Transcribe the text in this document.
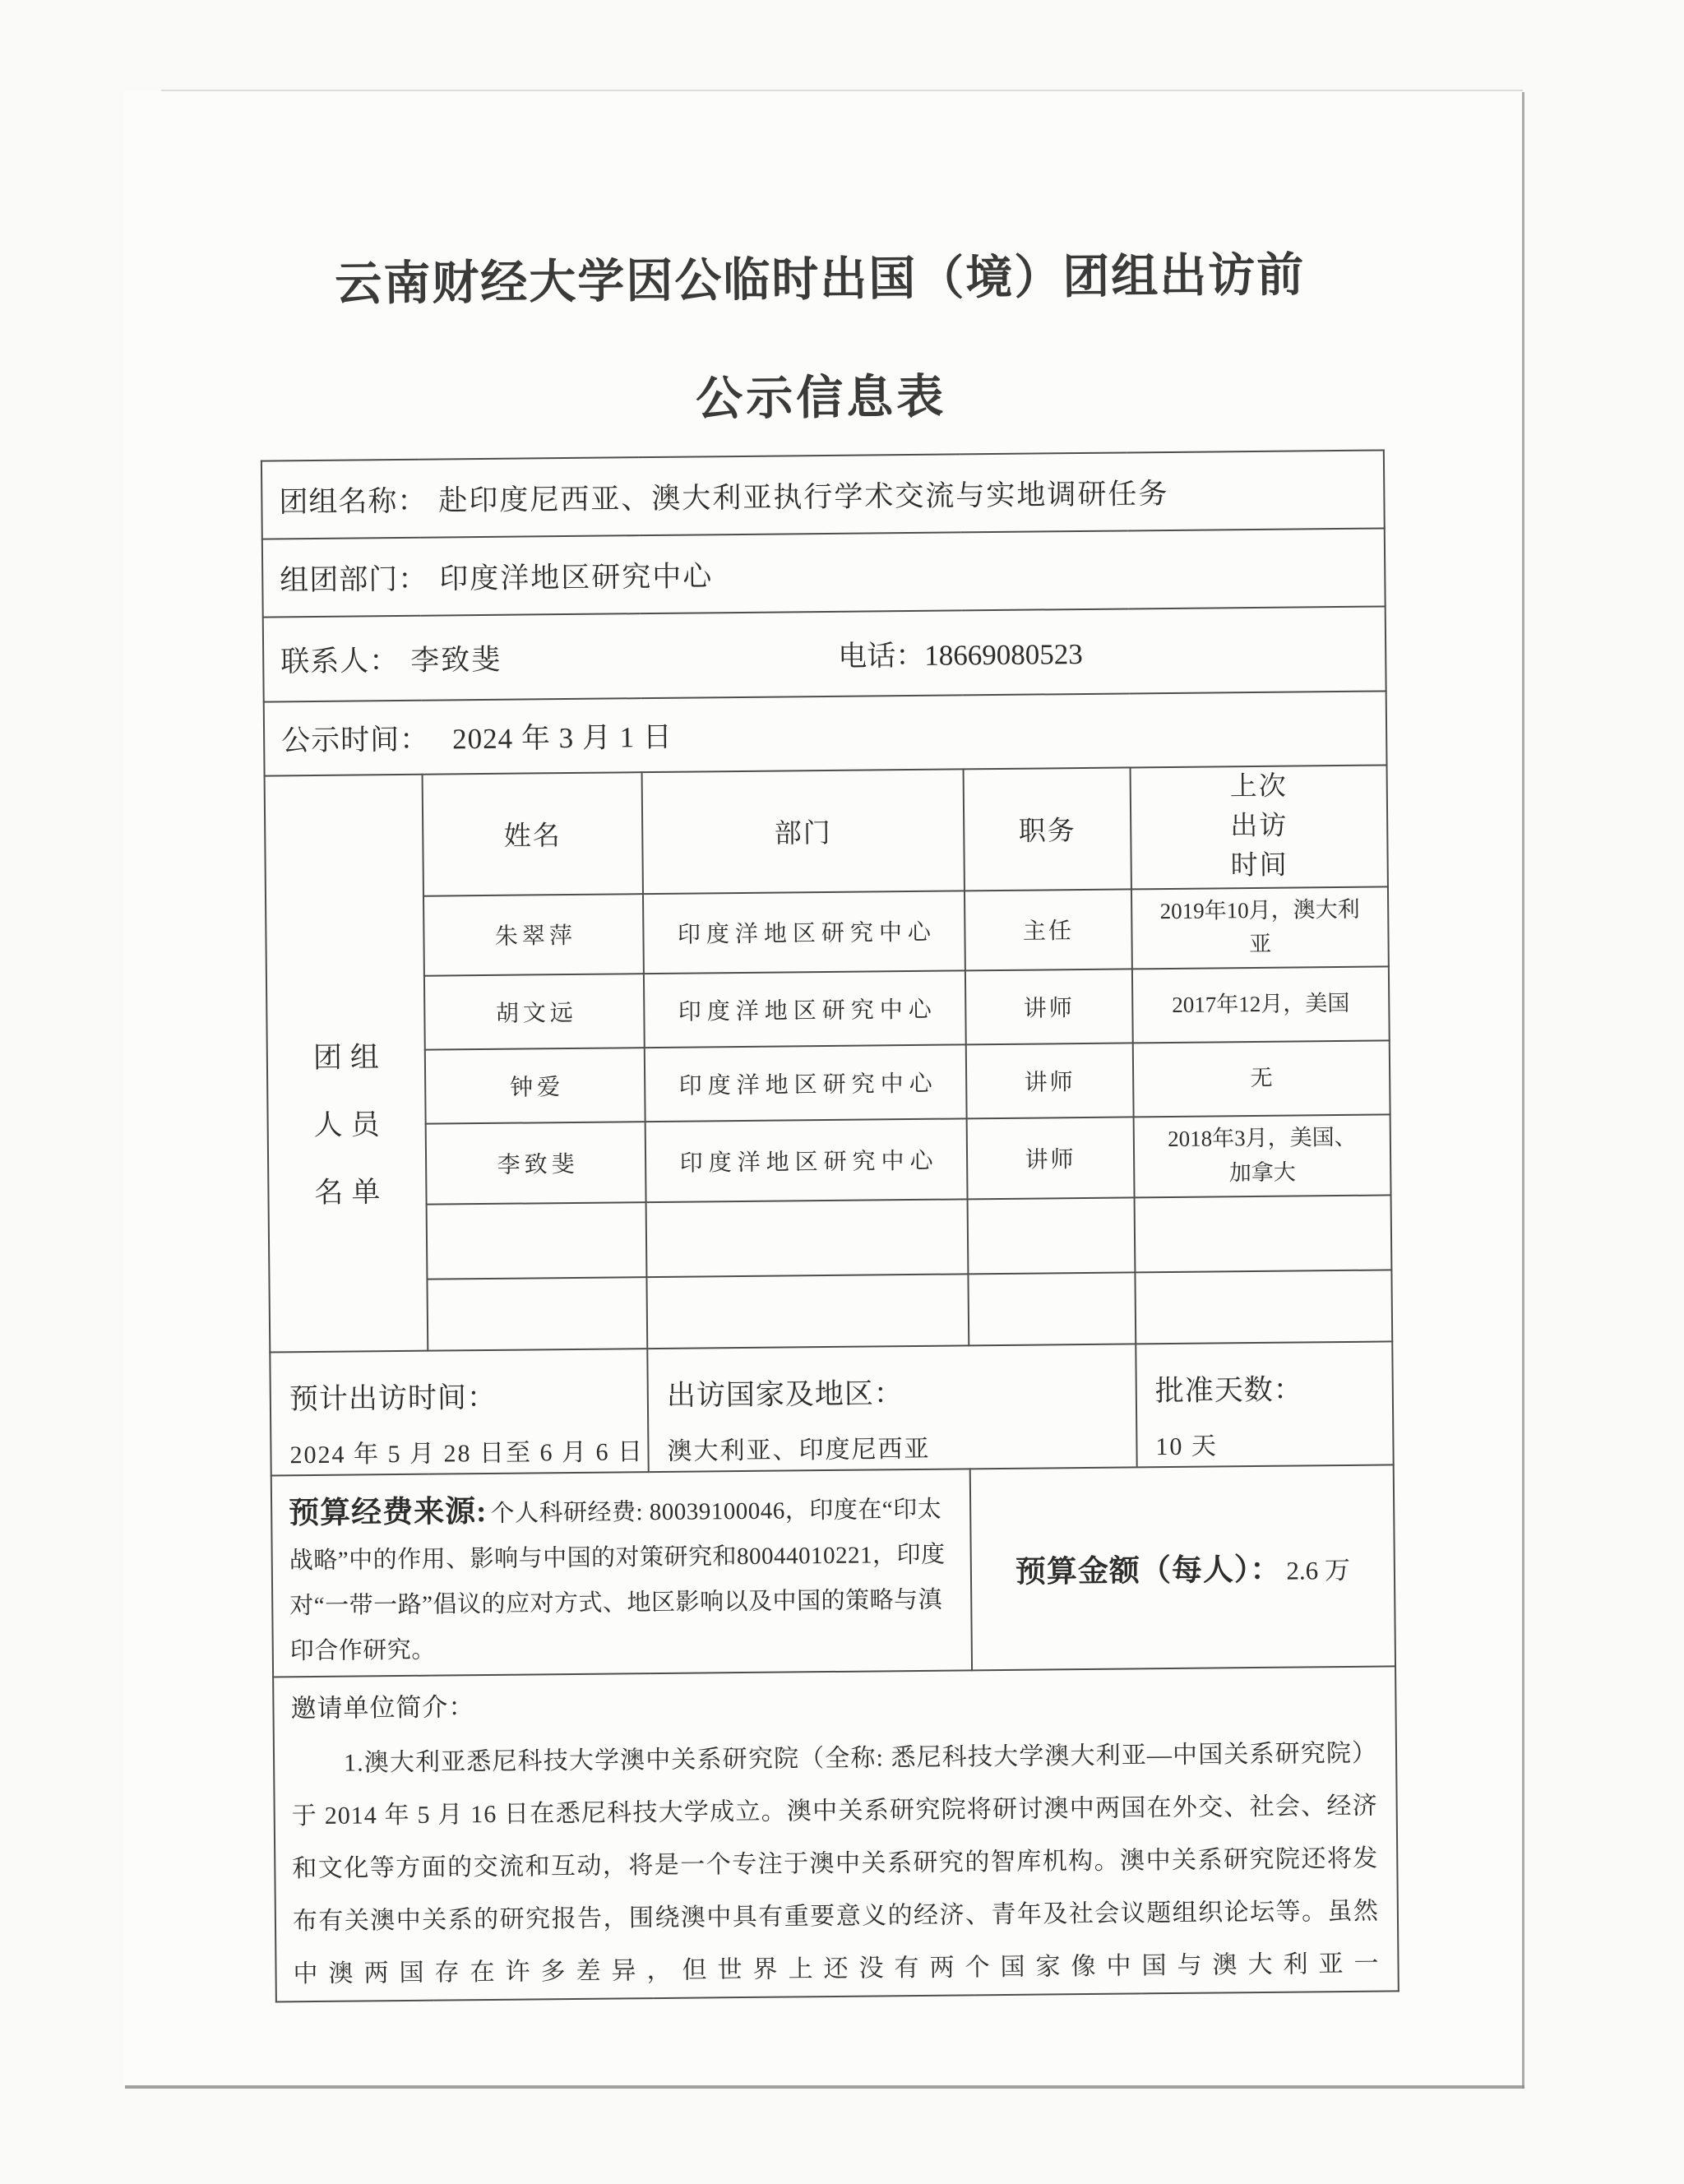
云南财经大学因公临时出国（境）团组出访前
公示信息表
团组名称： 赴印度尼西亚、澳大利亚执行学术交流与实地调研任务				
组团部门： 印度洋地区研究中心				
联系人： 李致斐 电话：18669080523				

公示时间： 2024 年 3 月 1 日				

团组
人员
名单	姓名	部门	职务	上次出访时间
	朱翠萍	印度洋地区研究中心	主任	2019年10月，澳大利亚
	胡文远	印度洋地区研究中心	讲师	2017年12月，美国
	钟爱	印度洋地区研究中心	讲师	无
	李致斐	印度洋地区研究中心	讲师	2018年3月，美国、加拿大

预计出访时间：
2024 年 5 月 28 日至 6 月 6 日

出访国家及地区：
澳大利亚、印度尼西亚

批准天数：
10 天

预算经费来源: 个人科研经费: 80039100046，印度在“印太战略”中的作用、影响与中国的对策研究和80044010221，印度对“一带一路”倡议的应对方式、地区影响以及中国的策略与滇印合作研究。			预算金额（每人）： 2.6 万	

邀请单位简介：
1.澳大利亚悉尼科技大学澳中关系研究院（全称: 悉尼科技大学澳大利亚—中国关系研究院）于 2014 年 5 月 16 日在悉尼科技大学成立。澳中关系研究院将研讨澳中两国在外交、社会、经济和文化等方面的交流和互动，将是一个专注于澳中关系研究的智库机构。澳中关系研究院还将发布有关澳中关系的研究报告，围绕澳中具有重要意义的经济、青年及社会议题组织论坛等。虽然中澳两国存在许多差异，但世界上还没有两个国家像中国与澳大利亚一				
